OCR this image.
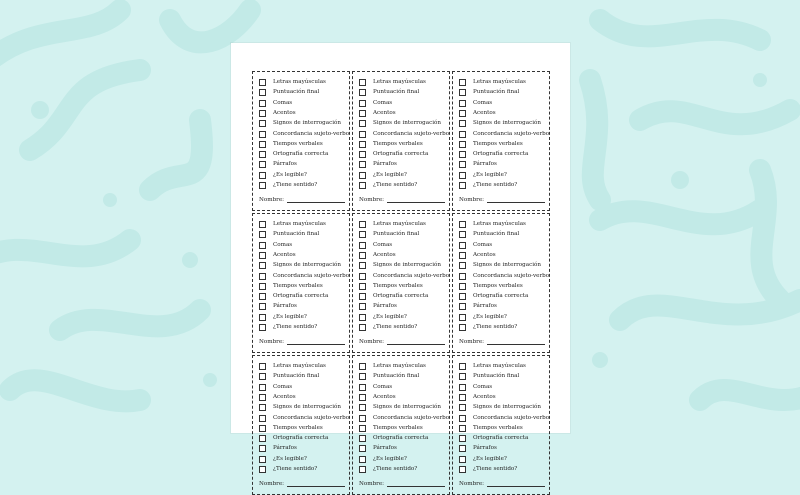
Letras mayúsculas
Puntuación final
Comas
Acentos
Signos de interrogación
Concordancia sujeto-verbo
Tiempos verbales
Ortografía correcta
Párrafos
¿Es legible?
¿Tiene sentido?
Nombre:
Letras mayúsculas
Puntuación final
Comas
Acentos
Signos de interrogación
Concordancia sujeto-verbo
Tiempos verbales
Ortografía correcta
Párrafos
¿Es legible?
¿Tiene sentido?
Nombre:
Letras mayúsculas
Puntuación final
Comas
Acentos
Signos de interrogación
Concordancia sujeto-verbo
Tiempos verbales
Ortografía correcta
Párrafos
¿Es legible?
¿Tiene sentido?
Nombre:
Letras mayúsculas
Puntuación final
Comas
Acentos
Signos de interrogación
Concordancia sujeto-verbo
Tiempos verbales
Ortografía correcta
Párrafos
¿Es legible?
¿Tiene sentido?
Nombre:
Letras mayúsculas
Puntuación final
Comas
Acentos
Signos de interrogación
Concordancia sujeto-verbo
Tiempos verbales
Ortografía correcta
Párrafos
¿Es legible?
¿Tiene sentido?
Nombre:
Letras mayúsculas
Puntuación final
Comas
Acentos
Signos de interrogación
Concordancia sujeto-verbo
Tiempos verbales
Ortografía correcta
Párrafos
¿Es legible?
¿Tiene sentido?
Nombre:
Letras mayúsculas
Puntuación final
Comas
Acentos
Signos de interrogación
Concordancia sujeto-verbo
Tiempos verbales
Ortografía correcta
Párrafos
¿Es legible?
¿Tiene sentido?
Nombre:
Letras mayúsculas
Puntuación final
Comas
Acentos
Signos de interrogación
Concordancia sujeto-verbo
Tiempos verbales
Ortografía correcta
Párrafos
¿Es legible?
¿Tiene sentido?
Nombre:
Letras mayúsculas
Puntuación final
Comas
Acentos
Signos de interrogación
Concordancia sujeto-verbo
Tiempos verbales
Ortografía correcta
Párrafos
¿Es legible?
¿Tiene sentido?
Nombre:
